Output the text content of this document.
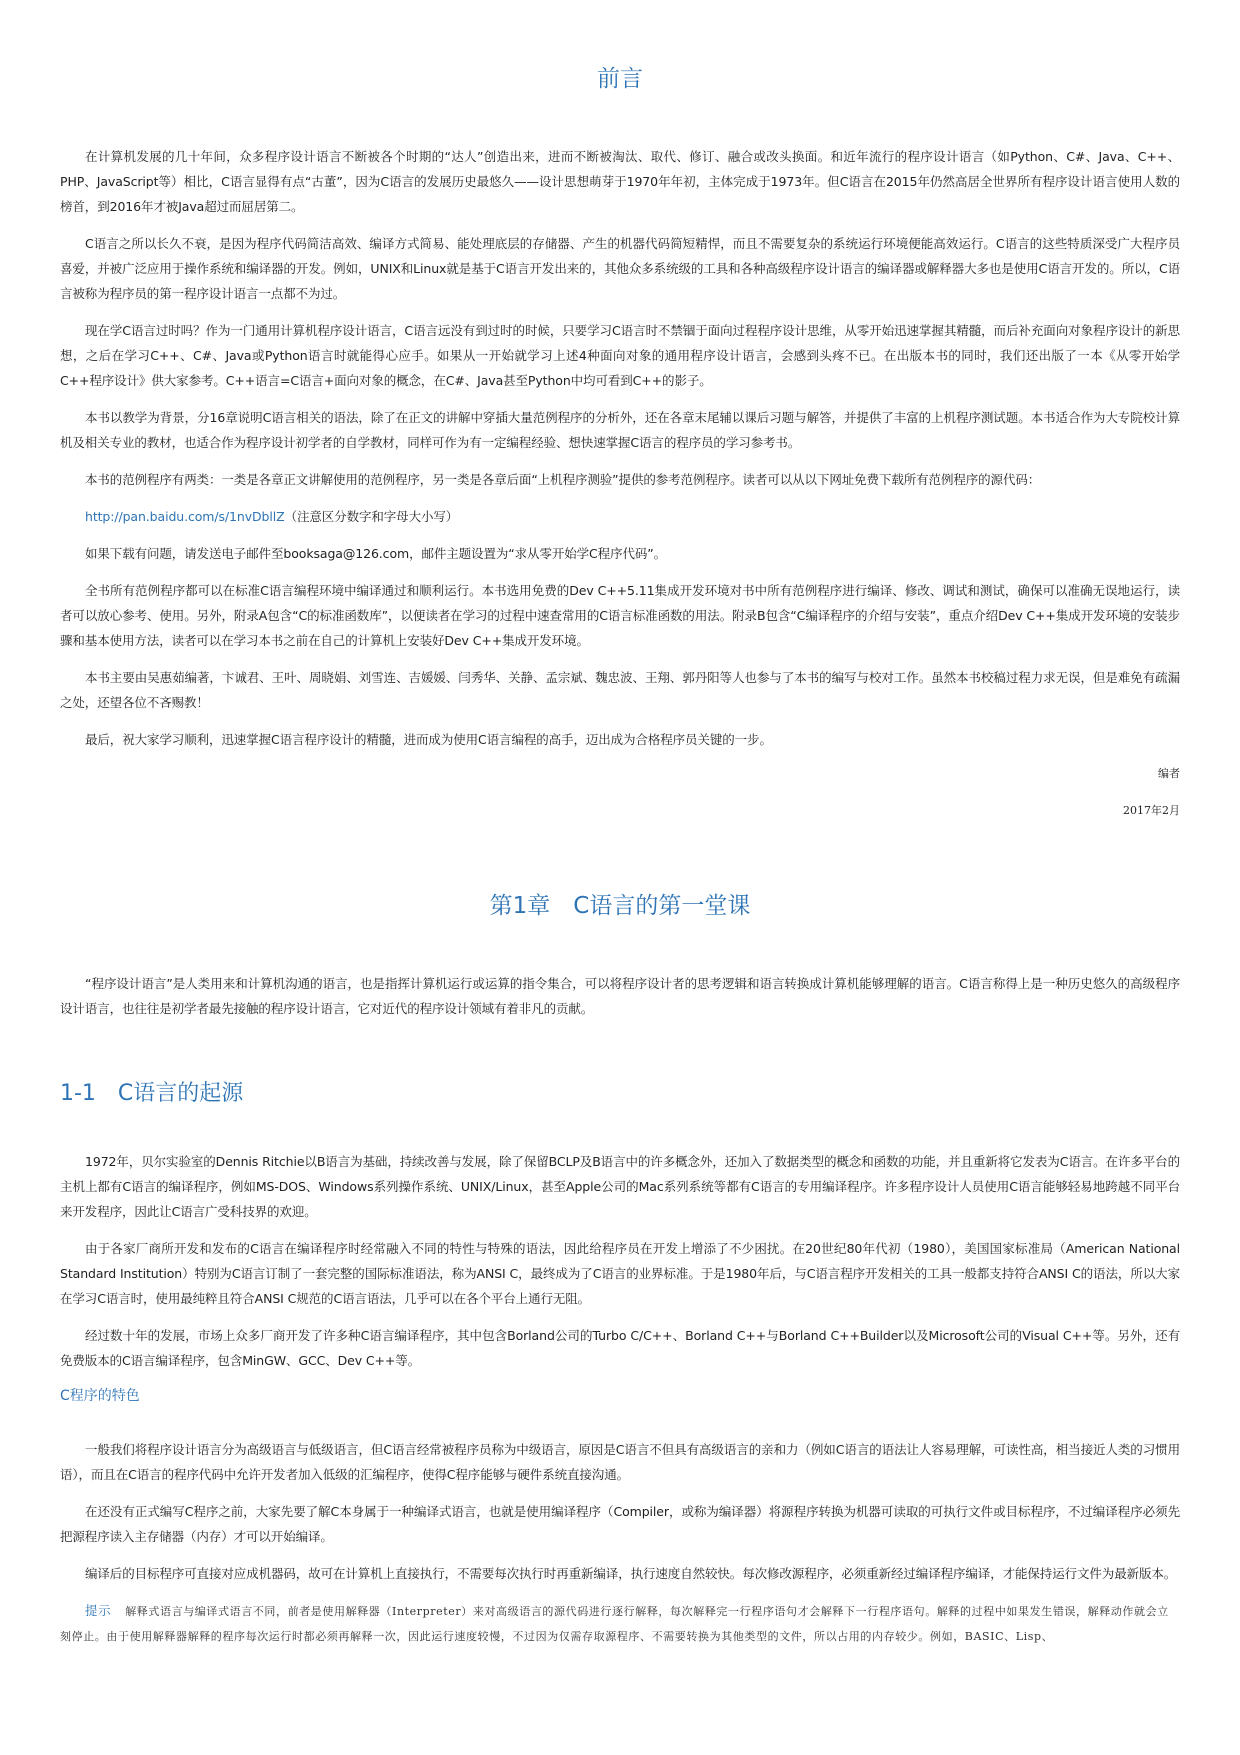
前言

在计算机发展的几十年间，众多程序设计语言不断被各个时期的“达人”创造出来，进而不断被淘汰、取代、修订、融合或改头换面。和近年流行的程序设计语言（如Python、C#、Java、C++、PHP、JavaScript等）相比，C语言显得有点“古董”，因为C语言的发展历史最悠久——设计思想萌芽于1970年年初，主体完成于1973年。但C语言在2015年仍然高居全世界所有程序设计语言使用人数的榜首，到2016年才被Java超过而屈居第二。

C语言之所以长久不衰，是因为程序代码简洁高效、编译方式简易、能处理底层的存储器、产生的机器代码简短精悍，而且不需要复杂的系统运行环境便能高效运行。C语言的这些特质深受广大程序员喜爱，并被广泛应用于操作系统和编译器的开发。例如，UNIX和Linux就是基于C语言开发出来的，其他众多系统级的工具和各种高级程序设计语言的编译器或解释器大多也是使用C语言开发的。所以，C语言被称为程序员的第一程序设计语言一点都不为过。

现在学C语言过时吗？作为一门通用计算机程序设计语言，C语言远没有到过时的时候，只要学习C语言时不禁锢于面向过程程序设计思维，从零开始迅速掌握其精髓，而后补充面向对象程序设计的新思想，之后在学习C++、C#、Java或Python语言时就能得心应手。如果从一开始就学习上述4种面向对象的通用程序设计语言，会感到头疼不已。在出版本书的同时，我们还出版了一本《从零开始学C++程序设计》供大家参考。C++语言=C语言+面向对象的概念，在C#、Java甚至Python中均可看到C++的影子。

本书以教学为背景，分16章说明C语言相关的语法，除了在正文的讲解中穿插大量范例程序的分析外，还在各章末尾辅以课后习题与解答，并提供了丰富的上机程序测试题。本书适合作为大专院校计算机及相关专业的教材，也适合作为程序设计初学者的自学教材，同样可作为有一定编程经验、想快速掌握C语言的程序员的学习参考书。

本书的范例程序有两类：一类是各章正文讲解使用的范例程序，另一类是各章后面“上机程序测验”提供的参考范例程序。读者可以从以下网址免费下载所有范例程序的源代码：

http://pan.baidu.com/s/1nvDbllZ（注意区分数字和字母大小写）

如果下载有问题，请发送电子邮件至booksaga@126.com，邮件主题设置为“求从零开始学C程序代码”。

全书所有范例程序都可以在标准C语言编程环境中编译通过和顺利运行。本书选用免费的Dev C++5.11集成开发环境对书中所有范例程序进行编译、修改、调试和测试，确保可以准确无误地运行，读者可以放心参考、使用。另外，附录A包含“C的标准函数库”，以便读者在学习的过程中速查常用的C语言标准函数的用法。附录B包含“C编译程序的介绍与安装”，重点介绍Dev C++集成开发环境的安装步骤和基本使用方法，读者可以在学习本书之前在自己的计算机上安装好Dev C++集成开发环境。

本书主要由吴惠茹编著，卞诚君、王叶、周晓娟、刘雪连、吉媛媛、闫秀华、关静、孟宗斌、魏忠波、王翔、郭丹阳等人也参与了本书的编写与校对工作。虽然本书校稿过程力求无误，但是难免有疏漏之处，还望各位不吝赐教！

最后，祝大家学习顺利，迅速掌握C语言程序设计的精髓，进而成为使用C语言编程的高手，迈出成为合格程序员关键的一步。

编者
2017年2月
第1章　C语言的第一堂课

“程序设计语言”是人类用来和计算机沟通的语言，也是指挥计算机运行或运算的指令集合，可以将程序设计者的思考逻辑和语言转换成计算机能够理解的语言。C语言称得上是一种历史悠久的高级程序设计语言，也往往是初学者最先接触的程序设计语言，它对近代的程序设计领域有着非凡的贡献。

1-1　C语言的起源

1972年，贝尔实验室的Dennis Ritchie以B语言为基础，持续改善与发展，除了保留BCLP及B语言中的许多概念外，还加入了数据类型的概念和函数的功能，并且重新将它发表为C语言。在许多平台的主机上都有C语言的编译程序，例如MS-DOS、Windows系列操作系统、UNIX/Linux，甚至Apple公司的Mac系列系统等都有C语言的专用编译程序。许多程序设计人员使用C语言能够轻易地跨越不同平台来开发程序，因此让C语言广受科技界的欢迎。

由于各家厂商所开发和发布的C语言在编译程序时经常融入不同的特性与特殊的语法，因此给程序员在开发上增添了不少困扰。在20世纪80年代初（1980），美国国家标准局（American National Standard Institution）特别为C语言订制了一套完整的国际标准语法，称为ANSI C，最终成为了C语言的业界标准。于是1980年后，与C语言程序开发相关的工具一般都支持符合ANSI C的语法，所以大家在学习C语言时，使用最纯粹且符合ANSI C规范的C语言语法，几乎可以在各个平台上通行无阻。

经过数十年的发展，市场上众多厂商开发了许多种C语言编译程序，其中包含Borland公司的Turbo C/C++、Borland C++与Borland C++Builder以及Microsoft公司的Visual C++等。另外，还有免费版本的C语言编译程序，包含MinGW、GCC、Dev C++等。

C程序的特色

一般我们将程序设计语言分为高级语言与低级语言，但C语言经常被程序员称为中级语言，原因是C语言不但具有高级语言的亲和力（例如C语言的语法让人容易理解，可读性高，相当接近人类的习惯用语），而且在C语言的程序代码中允许开发者加入低级的汇编程序，使得C程序能够与硬件系统直接沟通。

在还没有正式编写C程序之前，大家先要了解C本身属于一种编译式语言，也就是使用编译程序（Compiler，或称为编译器）将源程序转换为机器可读取的可执行文件或目标程序，不过编译程序必须先把源程序读入主存储器（内存）才可以开始编译。

编译后的目标程序可直接对应成机器码，故可在计算机上直接执行，不需要每次执行时再重新编译，执行速度自然较快。每次修改源程序，必须重新经过编译程序编译，才能保持运行文件为最新版本。

提示 解释式语言与编译式语言不同，前者是使用解释器（Interpreter）来对高级语言的源代码进行逐行解释，每次解释完一行程序语句才会解释下一行程序语句。解释的过程中如果发生错误，解释动作就会立刻停止。由于使用解释器解释的程序每次运行时都必须再解释一次，因此运行速度较慢，不过因为仅需存取源程序、不需要转换为其他类型的文件，所以占用的内存较少。例如，BASIC、Lisp、
